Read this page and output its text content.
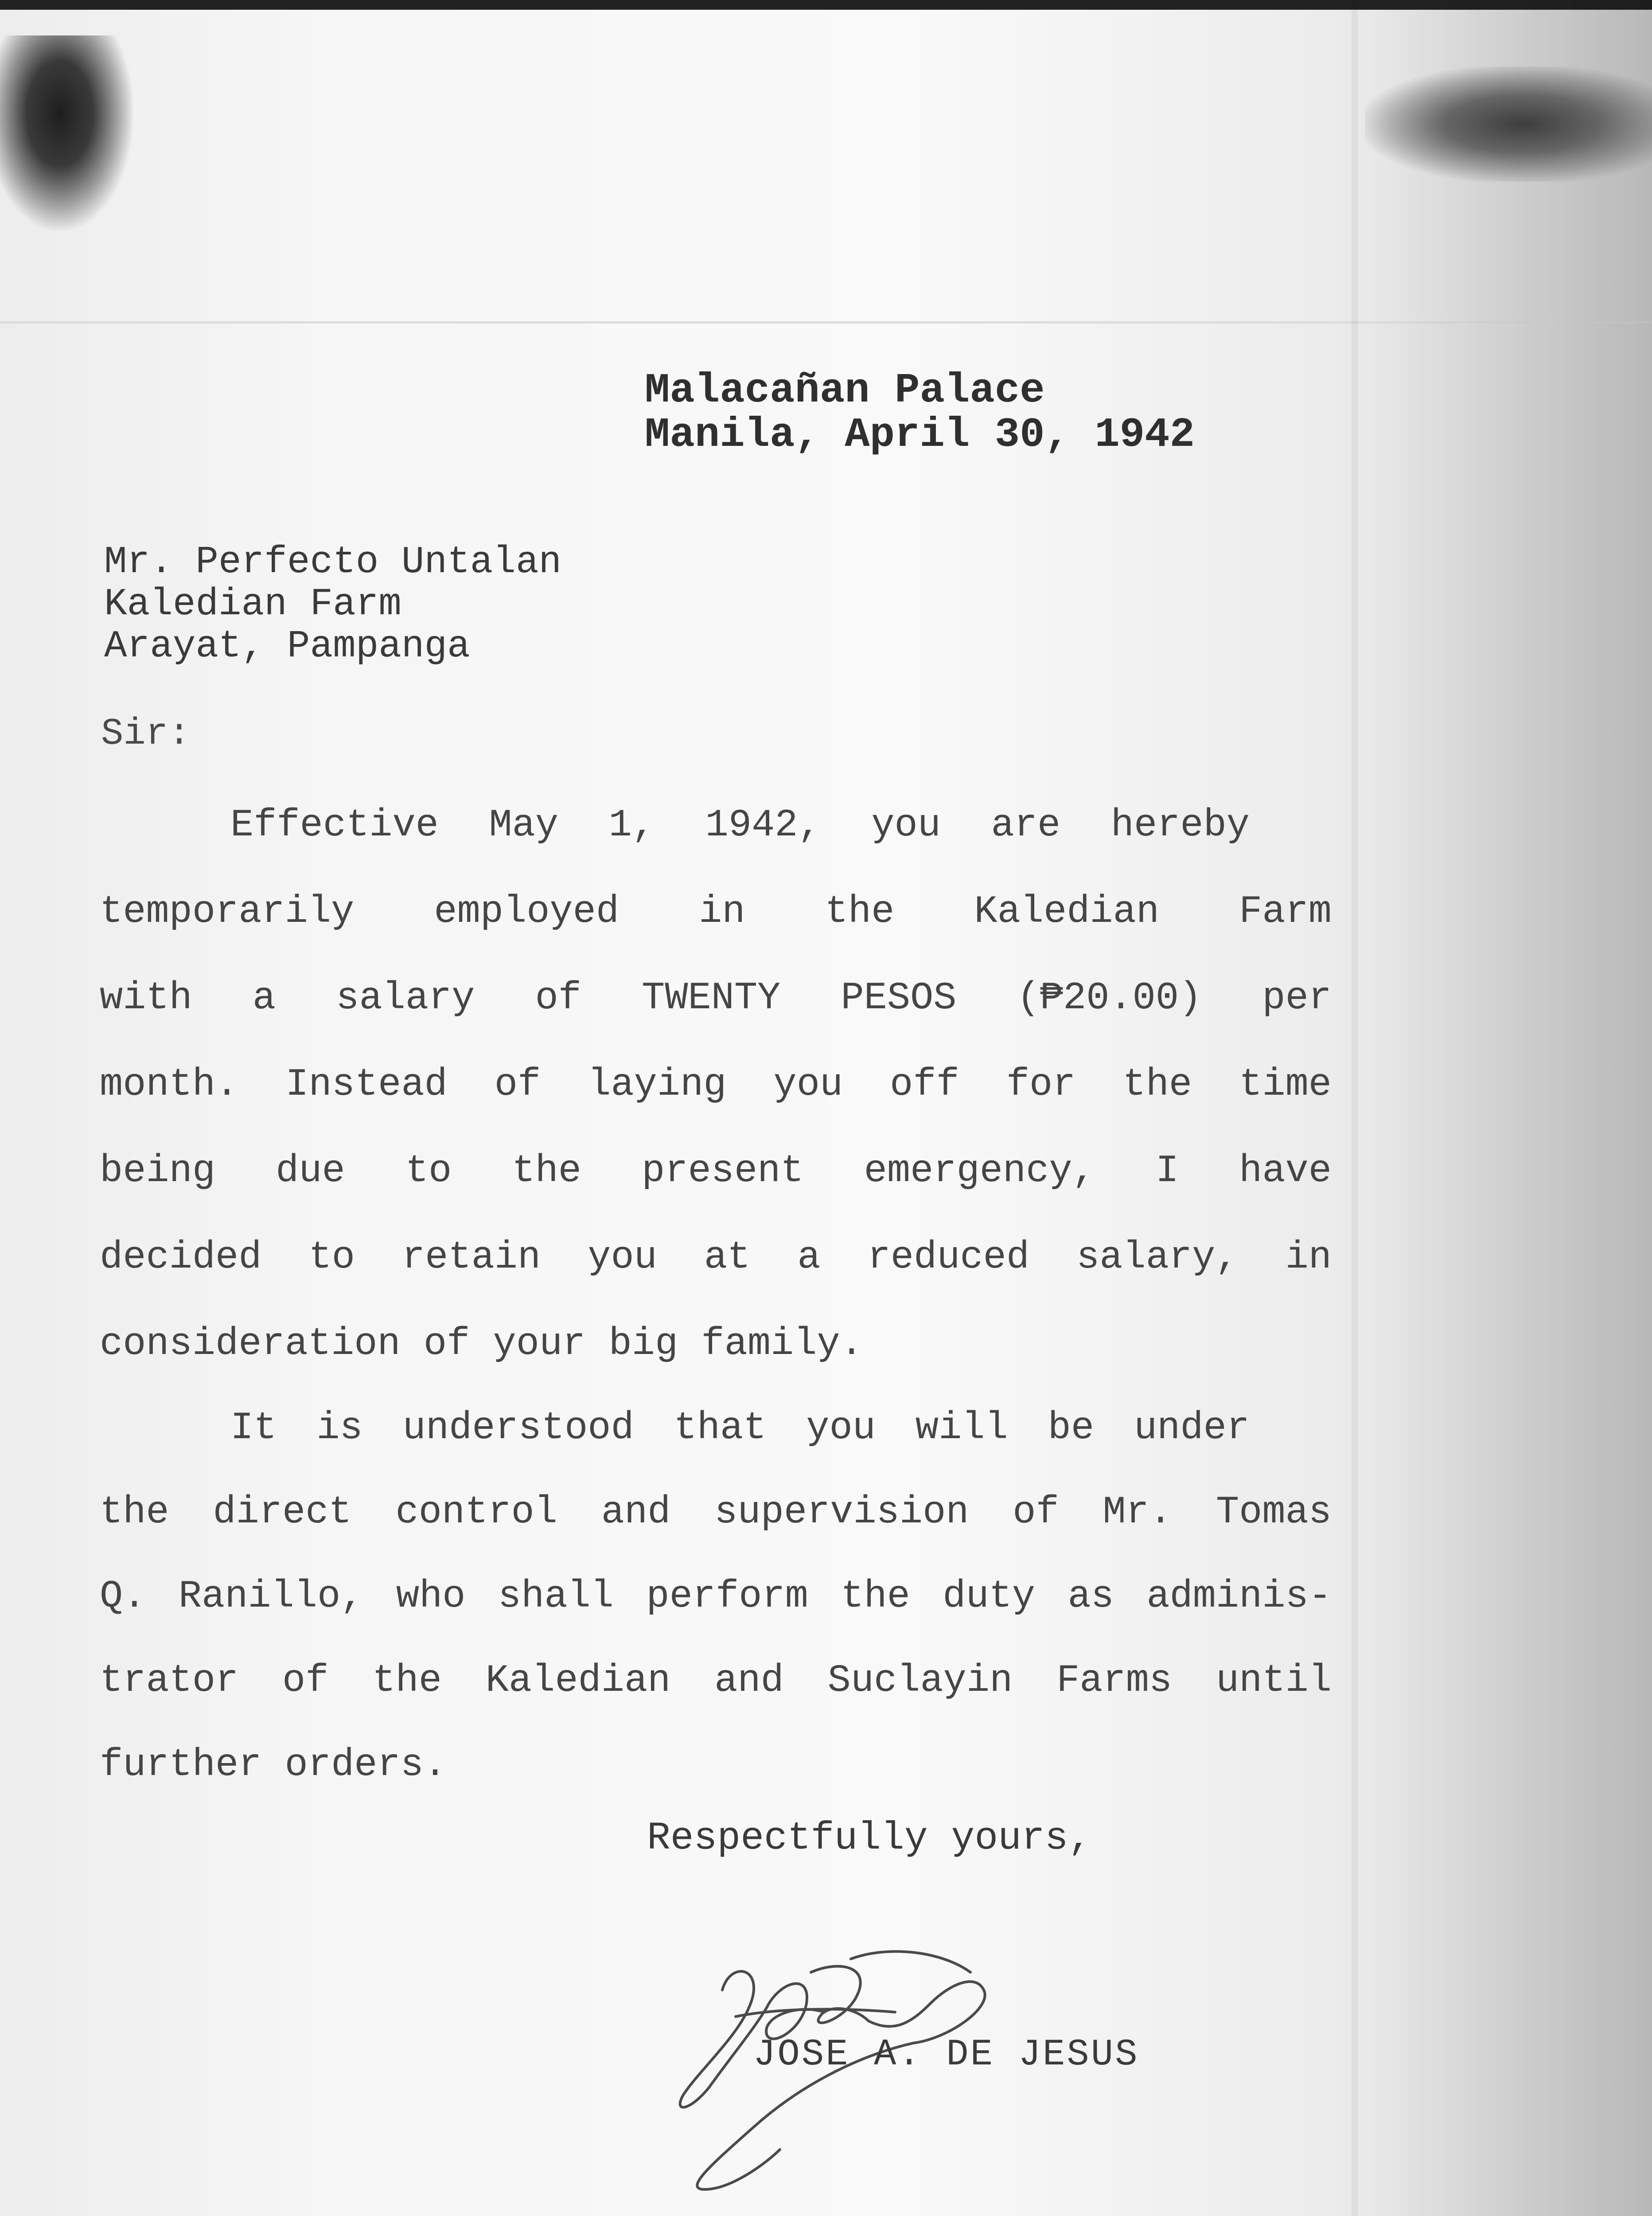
Malacañan Palace
Manila, April 30, 1942
Mr. Perfecto Untalan
Kaledian Farm
Arayat, Pampanga
Sir:
Effective May 1, 1942, you are hereby
temporarily employed in the Kaledian Farm
with a salary of TWENTY PESOS (₱20.00) per
month. Instead of laying you off for the time
being due to the present emergency, I have
decided to retain you at a reduced salary, in
consideration of your big family.
It is understood that you will be under
the direct control and supervision of Mr. Tomas
Q. Ranillo, who shall perform the duty as adminis-
trator of the Kaledian and Suclayin Farms until
further orders.
Respectfully yours,
JOSE A. DE JESUS
